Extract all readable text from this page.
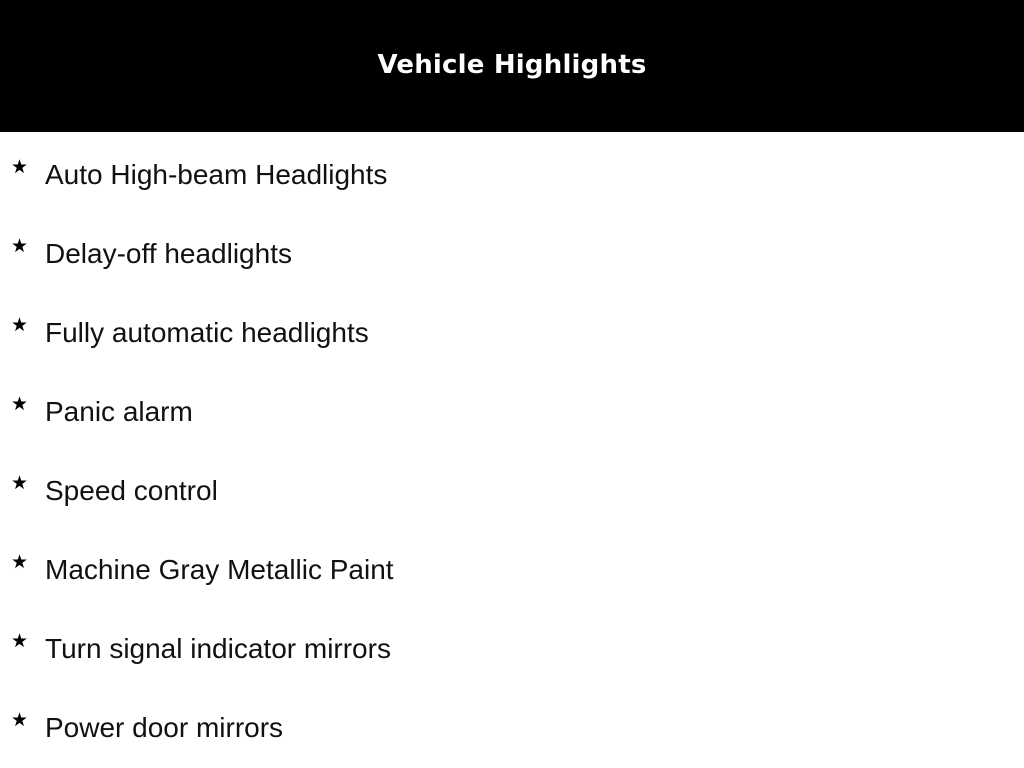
Vehicle Highlights
★ Auto High-beam Headlights
★ Delay-off headlights
★ Fully automatic headlights
★ Panic alarm
★ Speed control
★ Machine Gray Metallic Paint
★ Turn signal indicator mirrors
★ Power door mirrors
